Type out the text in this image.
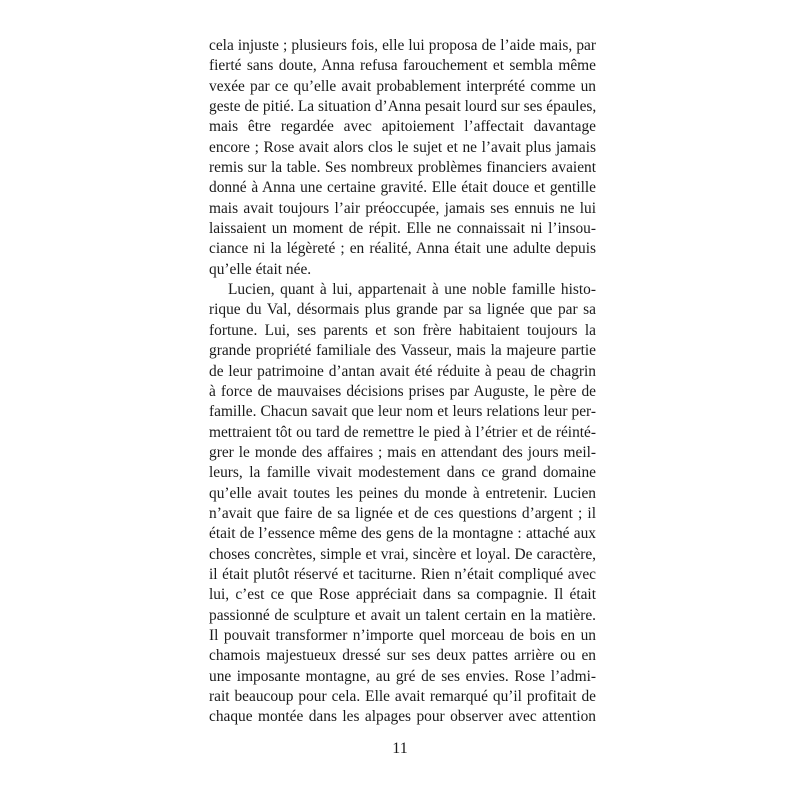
cela injuste ; plusieurs fois, elle lui proposa de l’aide mais, par
fierté sans doute, Anna refusa farouchement et sembla même
vexée par ce qu’elle avait probablement interprété comme un
geste de pitié. La situation d’Anna pesait lourd sur ses épaules,
mais être regardée avec apitoiement l’affectait davantage
encore ; Rose avait alors clos le sujet et ne l’avait plus jamais
remis sur la table. Ses nombreux problèmes financiers avaient
donné à Anna une certaine gravité. Elle était douce et gentille
mais avait toujours l’air préoccupée, jamais ses ennuis ne lui
laissaient un moment de répit. Elle ne connaissait ni l’insou-
ciance ni la légèreté ; en réalité, Anna était une adulte depuis
qu’elle était née.
Lucien, quant à lui, appartenait à une noble famille histo-
rique du Val, désormais plus grande par sa lignée que par sa
fortune. Lui, ses parents et son frère habitaient toujours la
grande propriété familiale des Vasseur, mais la majeure partie
de leur patrimoine d’antan avait été réduite à peau de chagrin
à force de mauvaises décisions prises par Auguste, le père de
famille. Chacun savait que leur nom et leurs relations leur per-
mettraient tôt ou tard de remettre le pied à l’étrier et de réinté-
grer le monde des affaires ; mais en attendant des jours meil-
leurs, la famille vivait modestement dans ce grand domaine
qu’elle avait toutes les peines du monde à entretenir. Lucien
n’avait que faire de sa lignée et de ces questions d’argent ; il
était de l’essence même des gens de la montagne : attaché aux
choses concrètes, simple et vrai, sincère et loyal. De caractère,
il était plutôt réservé et taciturne. Rien n’était compliqué avec
lui, c’est ce que Rose appréciait dans sa compagnie. Il était
passionné de sculpture et avait un talent certain en la matière.
Il pouvait transformer n’importe quel morceau de bois en un
chamois majestueux dressé sur ses deux pattes arrière ou en
une imposante montagne, au gré de ses envies. Rose l’admi-
rait beaucoup pour cela. Elle avait remarqué qu’il profitait de
chaque montée dans les alpages pour observer avec attention
11
